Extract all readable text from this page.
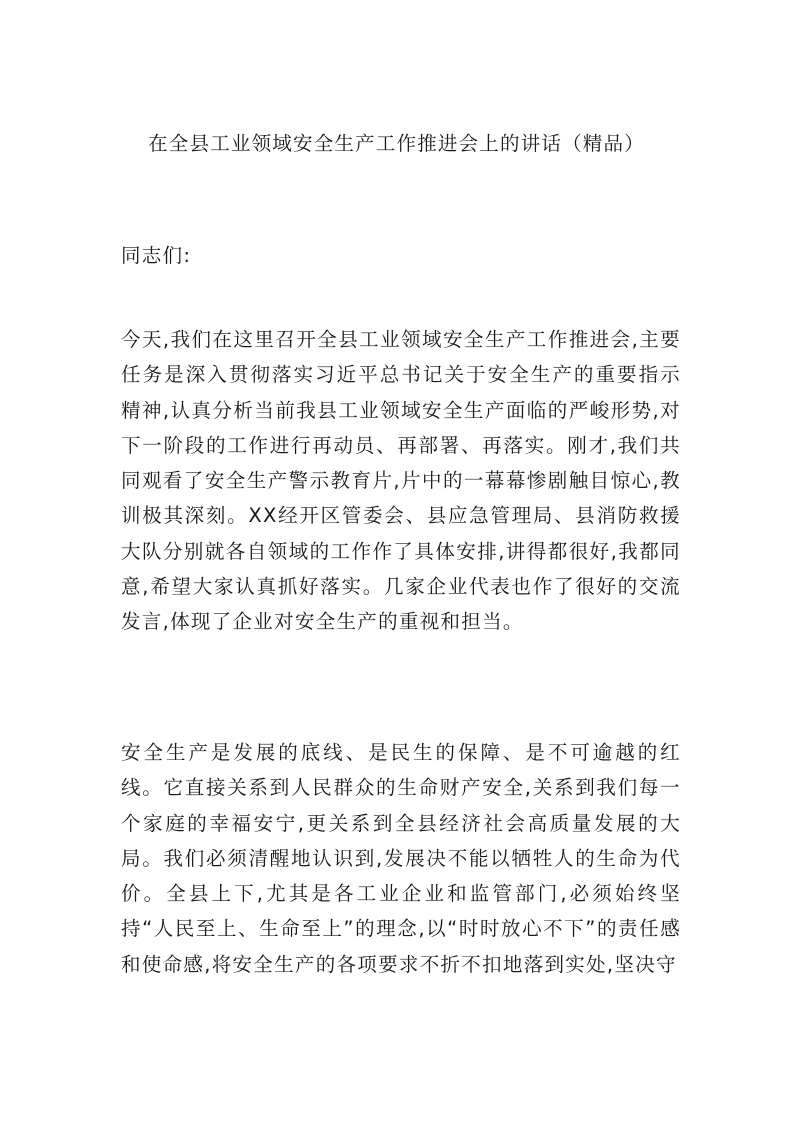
在全县工业领域安全生产工作推进会上的讲话（精品）

同志们:

今天,我们在这里召开全县工业领域安全生产工作推进会,主要任务是深入贯彻落实习近平总书记关于安全生产的重要指示精神,认真分析当前我县工业领域安全生产面临的严峻形势,对下一阶段的工作进行再动员、再部署、再落实。刚才,我们共同观看了安全生产警示教育片,片中的一幕幕惨剧触目惊心,教训极其深刻。XX经开区管委会、县应急管理局、县消防救援大队分别就各自领域的工作作了具体安排,讲得都很好,我都同意,希望大家认真抓好落实。几家企业代表也作了很好的交流发言,体现了企业对安全生产的重视和担当。

安全生产是发展的底线、是民生的保障、是不可逾越的红线。它直接关系到人民群众的生命财产安全,关系到我们每一个家庭的幸福安宁,更关系到全县经济社会高质量发展的大局。我们必须清醒地认识到,发展决不能以牺牲人的生命为代价。全县上下,尤其是各工业企业和监管部门,必须始终坚持“人民至上、生命至上”的理念,以“时时放心不下”的责任感和使命感,将安全生产的各项要求不折不扣地落到实处,坚决守
